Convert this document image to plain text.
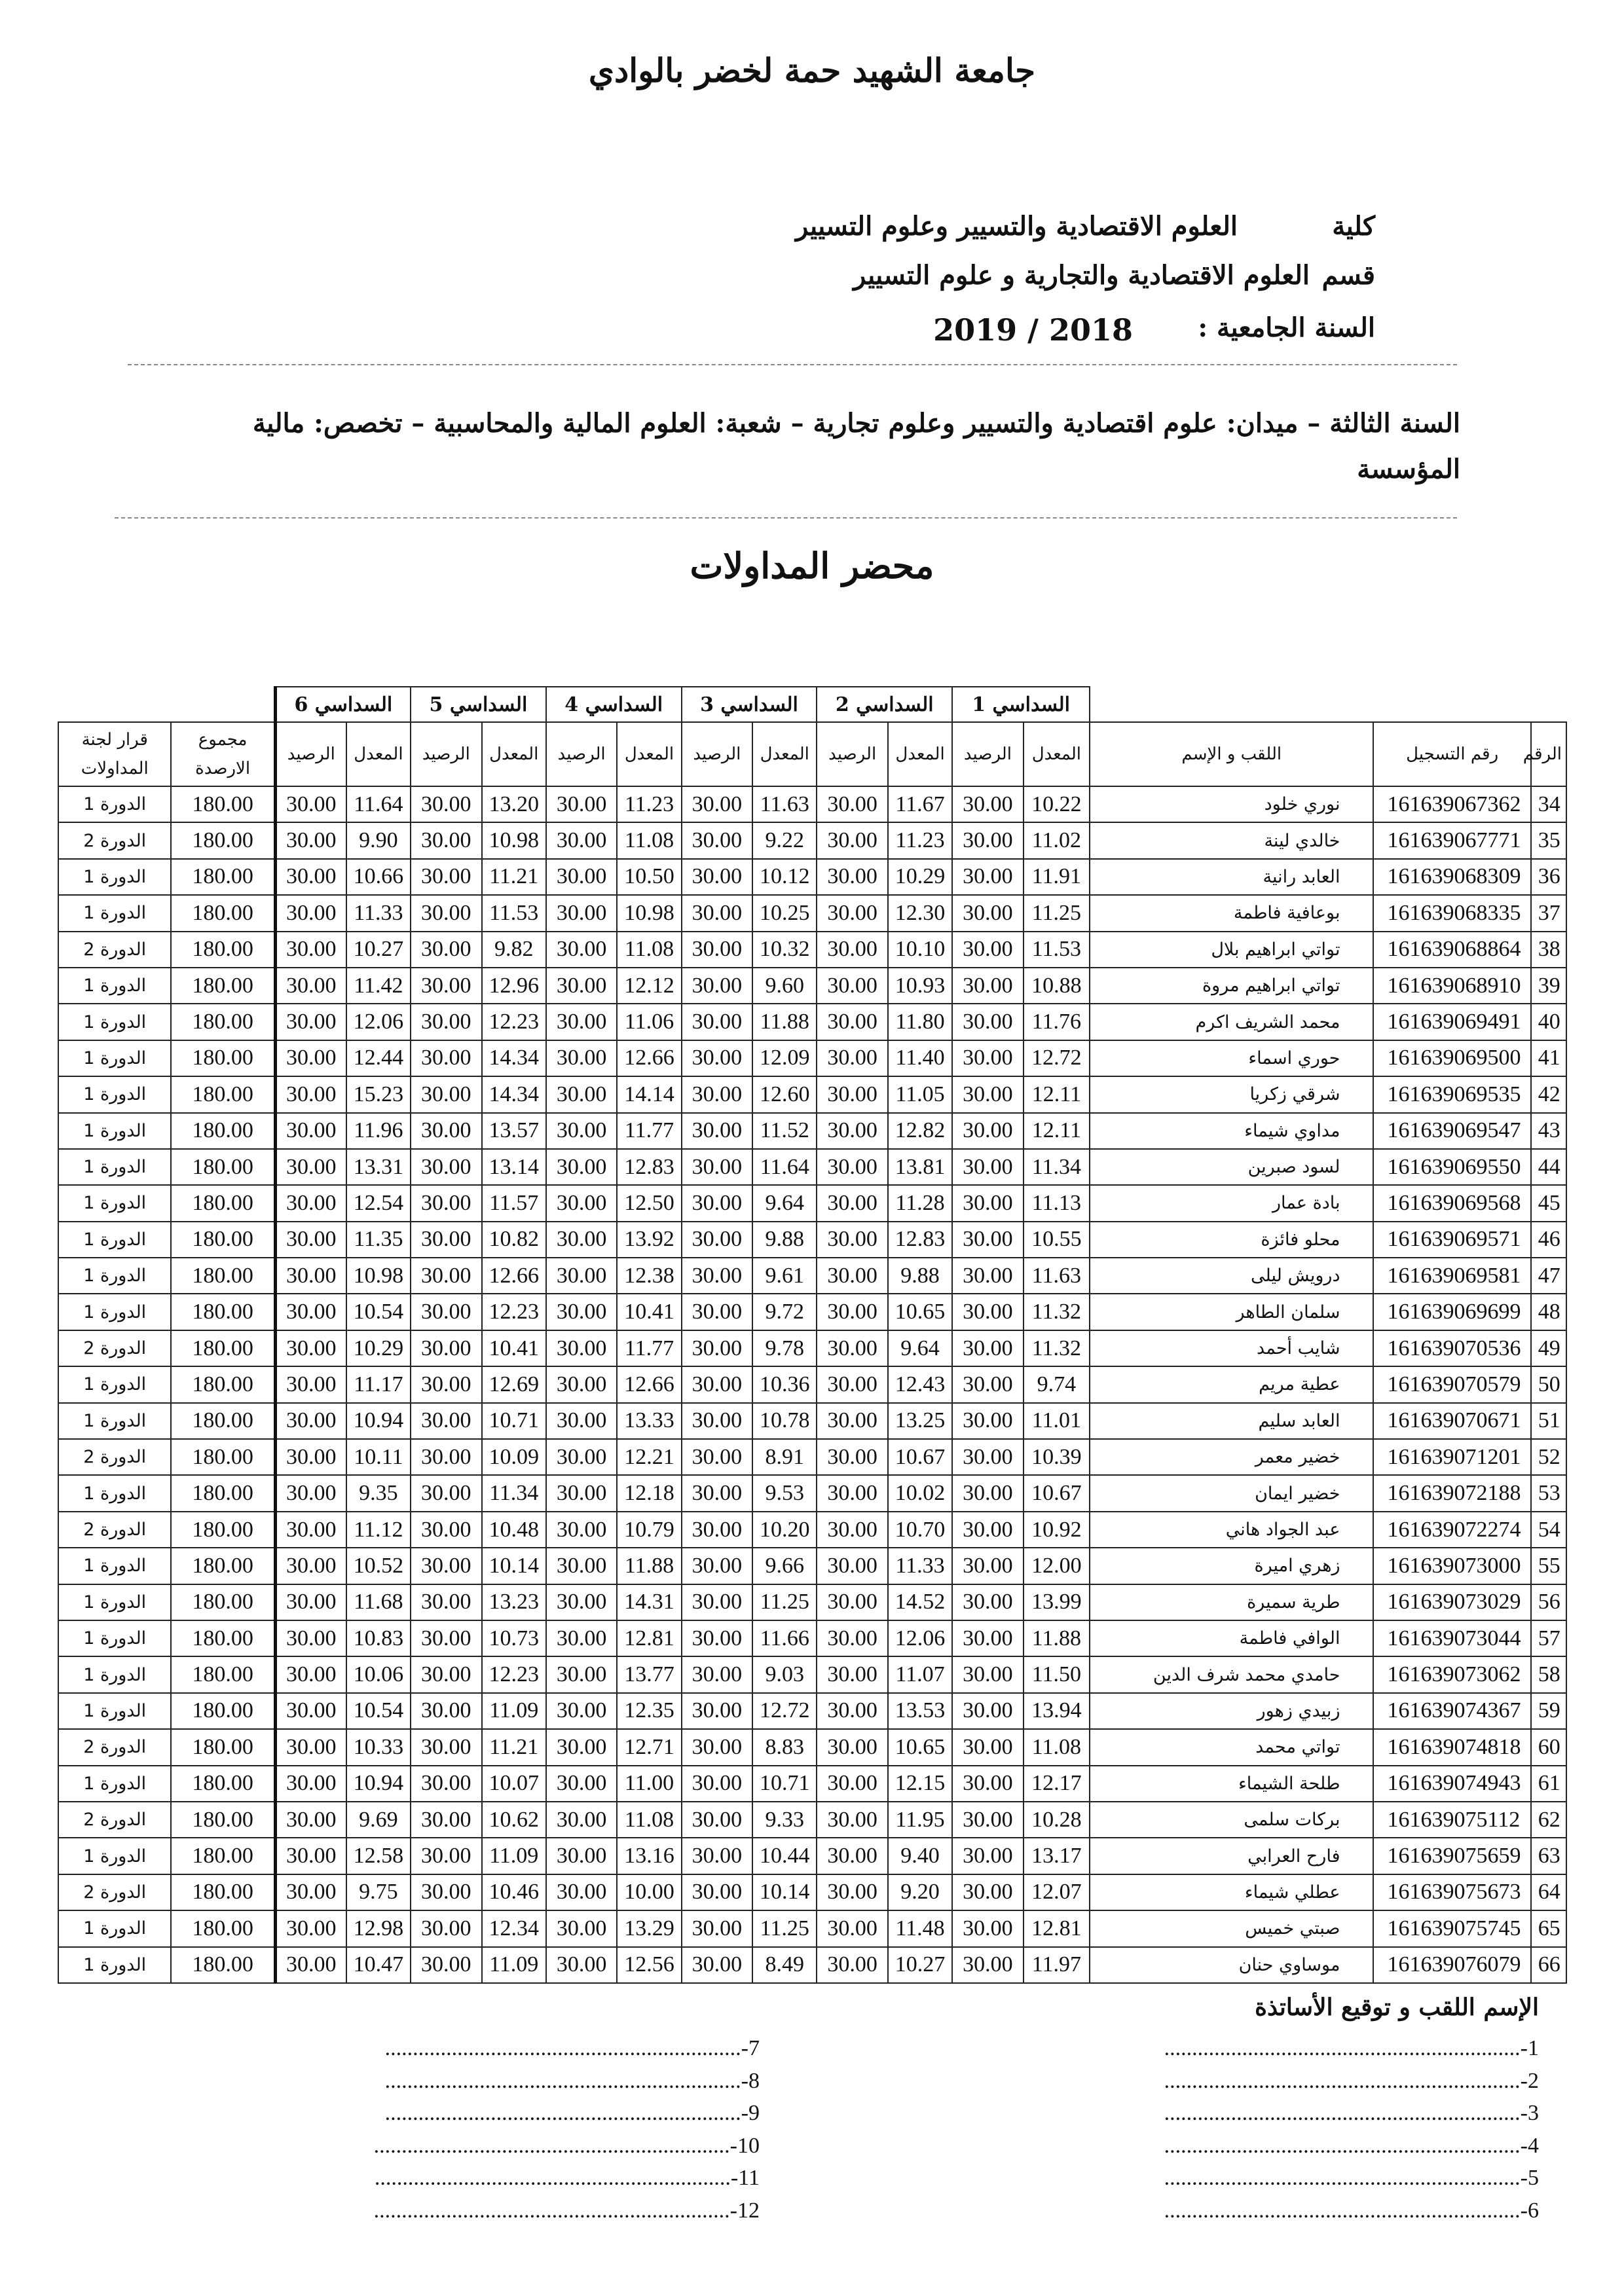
جامعة الشهيد حمة لخضر بالوادي
كلية
العلوم الاقتصادية والتسيير وعلوم التسيير
قسم
العلوم الاقتصادية والتجارية و علوم التسيير
السنة الجامعية :
2019 / 2018
السنة الثالثة – ميدان: علوم اقتصادية والتسيير وعلوم تجارية – شعبة: العلوم المالية والمحاسبية – تخصص: مالية المؤسسة
محضر المداولات
			السداسي 1		السداسي 2		السداسي 3		السداسي 4		السداسي 5		السداسي 6			
الرقم	رقم التسجيل	اللقب و الإسم	المعدل	الرصيد	المعدل	الرصيد	المعدل	الرصيد	المعدل	الرصيد	المعدل	الرصيد	المعدل	الرصيد	مجموع الارصدة	قرار لجنة المداولات
34	161639067362	نوري خلود	10.22	30.00	11.67	30.00	11.63	30.00	11.23	30.00	13.20	30.00	11.64	30.00	180.00	الدورة 1
35	161639067771	خالدي لينة	11.02	30.00	11.23	30.00	9.22	30.00	11.08	30.00	10.98	30.00	9.90	30.00	180.00	الدورة 2
36	161639068309	العابد رانية	11.91	30.00	10.29	30.00	10.12	30.00	10.50	30.00	11.21	30.00	10.66	30.00	180.00	الدورة 1
37	161639068335	بوعافية فاطمة	11.25	30.00	12.30	30.00	10.25	30.00	10.98	30.00	11.53	30.00	11.33	30.00	180.00	الدورة 1
38	161639068864	تواتي ابراهيم بلال	11.53	30.00	10.10	30.00	10.32	30.00	11.08	30.00	9.82	30.00	10.27	30.00	180.00	الدورة 2
39	161639068910	تواتي ابراهيم مروة	10.88	30.00	10.93	30.00	9.60	30.00	12.12	30.00	12.96	30.00	11.42	30.00	180.00	الدورة 1
40	161639069491	محمد الشريف اكرم	11.76	30.00	11.80	30.00	11.88	30.00	11.06	30.00	12.23	30.00	12.06	30.00	180.00	الدورة 1
41	161639069500	حوري اسماء	12.72	30.00	11.40	30.00	12.09	30.00	12.66	30.00	14.34	30.00	12.44	30.00	180.00	الدورة 1
42	161639069535	شرقي زكريا	12.11	30.00	11.05	30.00	12.60	30.00	14.14	30.00	14.34	30.00	15.23	30.00	180.00	الدورة 1
43	161639069547	مداوي شيماء	12.11	30.00	12.82	30.00	11.52	30.00	11.77	30.00	13.57	30.00	11.96	30.00	180.00	الدورة 1
44	161639069550	لسود صبرين	11.34	30.00	13.81	30.00	11.64	30.00	12.83	30.00	13.14	30.00	13.31	30.00	180.00	الدورة 1
45	161639069568	بادة عمار	11.13	30.00	11.28	30.00	9.64	30.00	12.50	30.00	11.57	30.00	12.54	30.00	180.00	الدورة 1
46	161639069571	محلو فائزة	10.55	30.00	12.83	30.00	9.88	30.00	13.92	30.00	10.82	30.00	11.35	30.00	180.00	الدورة 1
47	161639069581	درويش ليلى	11.63	30.00	9.88	30.00	9.61	30.00	12.38	30.00	12.66	30.00	10.98	30.00	180.00	الدورة 1
48	161639069699	سلمان الطاهر	11.32	30.00	10.65	30.00	9.72	30.00	10.41	30.00	12.23	30.00	10.54	30.00	180.00	الدورة 1
49	161639070536	شايب أحمد	11.32	30.00	9.64	30.00	9.78	30.00	11.77	30.00	10.41	30.00	10.29	30.00	180.00	الدورة 2
50	161639070579	عطية مريم	9.74	30.00	12.43	30.00	10.36	30.00	12.66	30.00	12.69	30.00	11.17	30.00	180.00	الدورة 1
51	161639070671	العابد سليم	11.01	30.00	13.25	30.00	10.78	30.00	13.33	30.00	10.71	30.00	10.94	30.00	180.00	الدورة 1
52	161639071201	خضير معمر	10.39	30.00	10.67	30.00	8.91	30.00	12.21	30.00	10.09	30.00	10.11	30.00	180.00	الدورة 2
53	161639072188	خضير ايمان	10.67	30.00	10.02	30.00	9.53	30.00	12.18	30.00	11.34	30.00	9.35	30.00	180.00	الدورة 1
54	161639072274	عبد الجواد هاني	10.92	30.00	10.70	30.00	10.20	30.00	10.79	30.00	10.48	30.00	11.12	30.00	180.00	الدورة 2
55	161639073000	زهري اميرة	12.00	30.00	11.33	30.00	9.66	30.00	11.88	30.00	10.14	30.00	10.52	30.00	180.00	الدورة 1
56	161639073029	طرية سميرة	13.99	30.00	14.52	30.00	11.25	30.00	14.31	30.00	13.23	30.00	11.68	30.00	180.00	الدورة 1
57	161639073044	الوافي فاطمة	11.88	30.00	12.06	30.00	11.66	30.00	12.81	30.00	10.73	30.00	10.83	30.00	180.00	الدورة 1
58	161639073062	حامدي محمد شرف الدين	11.50	30.00	11.07	30.00	9.03	30.00	13.77	30.00	12.23	30.00	10.06	30.00	180.00	الدورة 1
59	161639074367	زبيدي زهور	13.94	30.00	13.53	30.00	12.72	30.00	12.35	30.00	11.09	30.00	10.54	30.00	180.00	الدورة 1
60	161639074818	تواتي محمد	11.08	30.00	10.65	30.00	8.83	30.00	12.71	30.00	11.21	30.00	10.33	30.00	180.00	الدورة 2
61	161639074943	طلحة الشيماء	12.17	30.00	12.15	30.00	10.71	30.00	11.00	30.00	10.07	30.00	10.94	30.00	180.00	الدورة 1
62	161639075112	بركات سلمى	10.28	30.00	11.95	30.00	9.33	30.00	11.08	30.00	10.62	30.00	9.69	30.00	180.00	الدورة 2
63	161639075659	فارح العرابي	13.17	30.00	9.40	30.00	10.44	30.00	13.16	30.00	11.09	30.00	12.58	30.00	180.00	الدورة 1
64	161639075673	عطلي شيماء	12.07	30.00	9.20	30.00	10.14	30.00	10.00	30.00	10.46	30.00	9.75	30.00	180.00	الدورة 2
65	161639075745	صبتي خميس	12.81	30.00	11.48	30.00	11.25	30.00	13.29	30.00	12.34	30.00	12.98	30.00	180.00	الدورة 1
66	161639076079	موساوي حنان	11.97	30.00	10.27	30.00	8.49	30.00	12.56	30.00	11.09	30.00	10.47	30.00	180.00	الدورة 1
الإسم اللقب و توقيع الأساتذة
1-................................................................
2-................................................................
3-................................................................
4-................................................................
5-................................................................
6-................................................................
7-................................................................
8-................................................................
9-................................................................
10-................................................................
11-................................................................
12-................................................................
